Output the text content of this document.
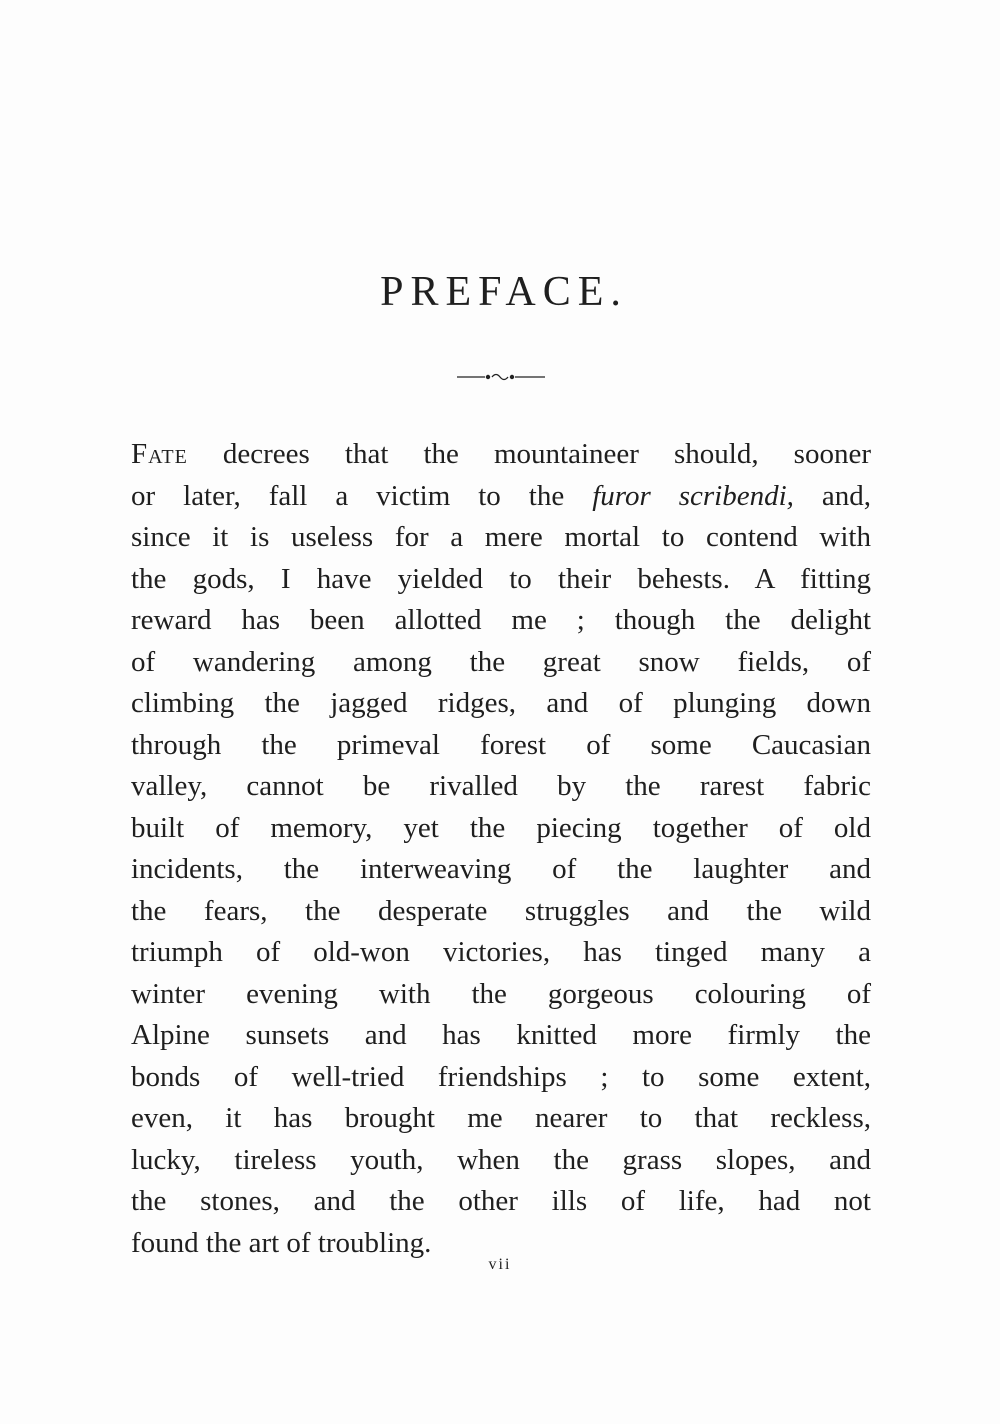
PREFACE.
Fate decrees that the mountaineer should, sooner
or later, fall a victim to the furor scribendi, and,
since it is useless for a mere mortal to contend with
the gods, I have yielded to their behests. A fitting
reward has been allotted me ; though the delight
of wandering among the great snow fields, of
climbing the jagged ridges, and of plunging down
through the primeval forest of some Caucasian
valley, cannot be rivalled by the rarest fabric
built of memory, yet the piecing together of old
incidents, the interweaving of the laughter and
the fears, the desperate struggles and the wild
triumph of old-won victories, has tinged many a
winter evening with the gorgeous colouring of
Alpine sunsets and has knitted more firmly the
bonds of well-tried friendships ; to some extent,
even, it has brought me nearer to that reckless,
lucky, tireless youth, when the grass slopes, and
the stones, and the other ills of life, had not
found the art of troubling.
vii
